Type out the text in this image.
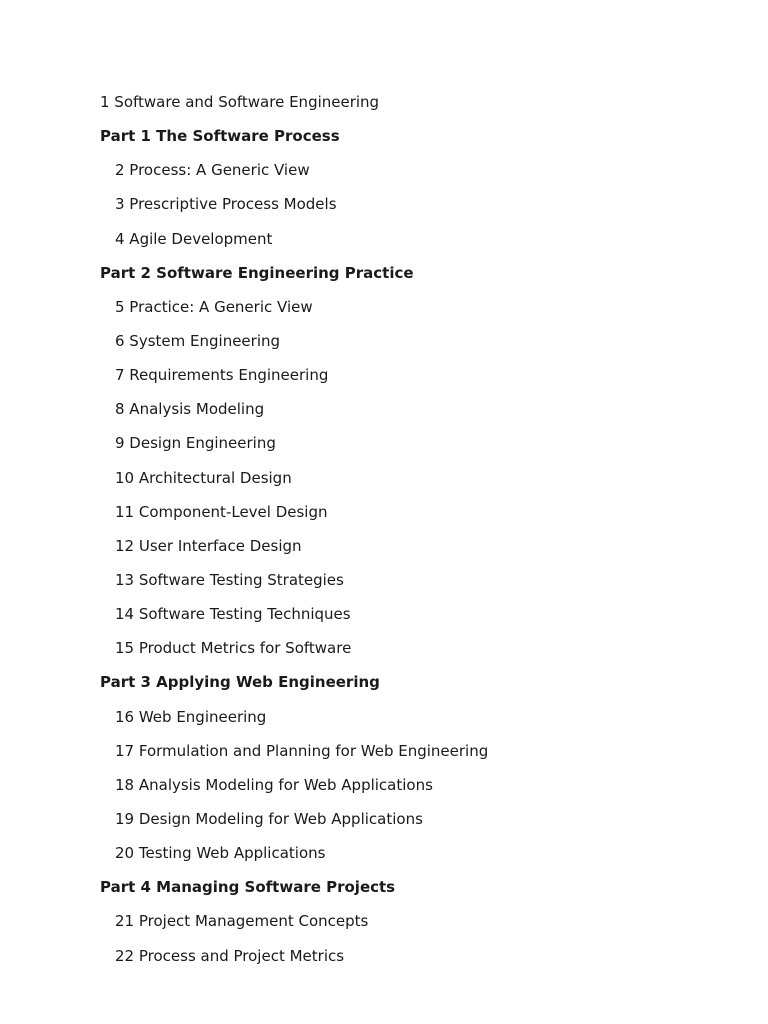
1 Software and Software Engineering
Part 1 The Software Process
2 Process: A Generic View
3 Prescriptive Process Models
4 Agile Development
Part 2 Software Engineering Practice
5 Practice: A Generic View
6 System Engineering
7 Requirements Engineering
8 Analysis Modeling
9 Design Engineering
10 Architectural Design
11 Component-Level Design
12 User Interface Design
13 Software Testing Strategies
14 Software Testing Techniques
15 Product Metrics for Software
Part 3 Applying Web Engineering
16 Web Engineering
17 Formulation and Planning for Web Engineering
18 Analysis Modeling for Web Applications
19 Design Modeling for Web Applications
20 Testing Web Applications
Part 4 Managing Software Projects
21 Project Management Concepts
22 Process and Project Metrics
